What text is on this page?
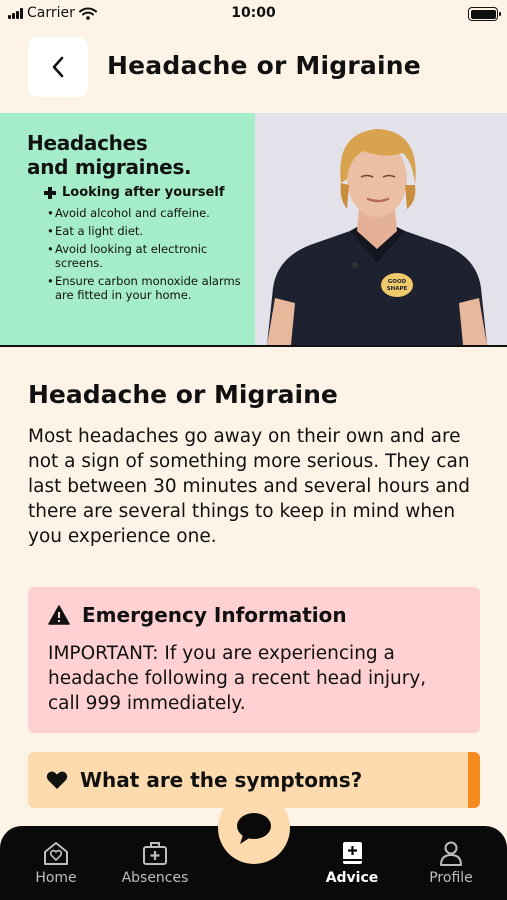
Carrier	10:00
Headache or Migraine
Headaches
and migraines.
Looking after yourself
• Avoid alcohol and caffeine.
• Eat a light diet.
• Avoid looking at electronic screens.
• Ensure carbon monoxide alarms are fitted in your home.
GOOD
SHAPE
Headache or Migraine

Most headaches go away on their own and are not a sign of something more serious. They can last between 30 minutes and several hours and there are several things to keep in mind when you experience one.

Emergency Information

IMPORTANT: If you are experiencing a headache following a recent head injury, call 999 immediately.

What are the symptoms?
Home	Absences	Advice	Profile
